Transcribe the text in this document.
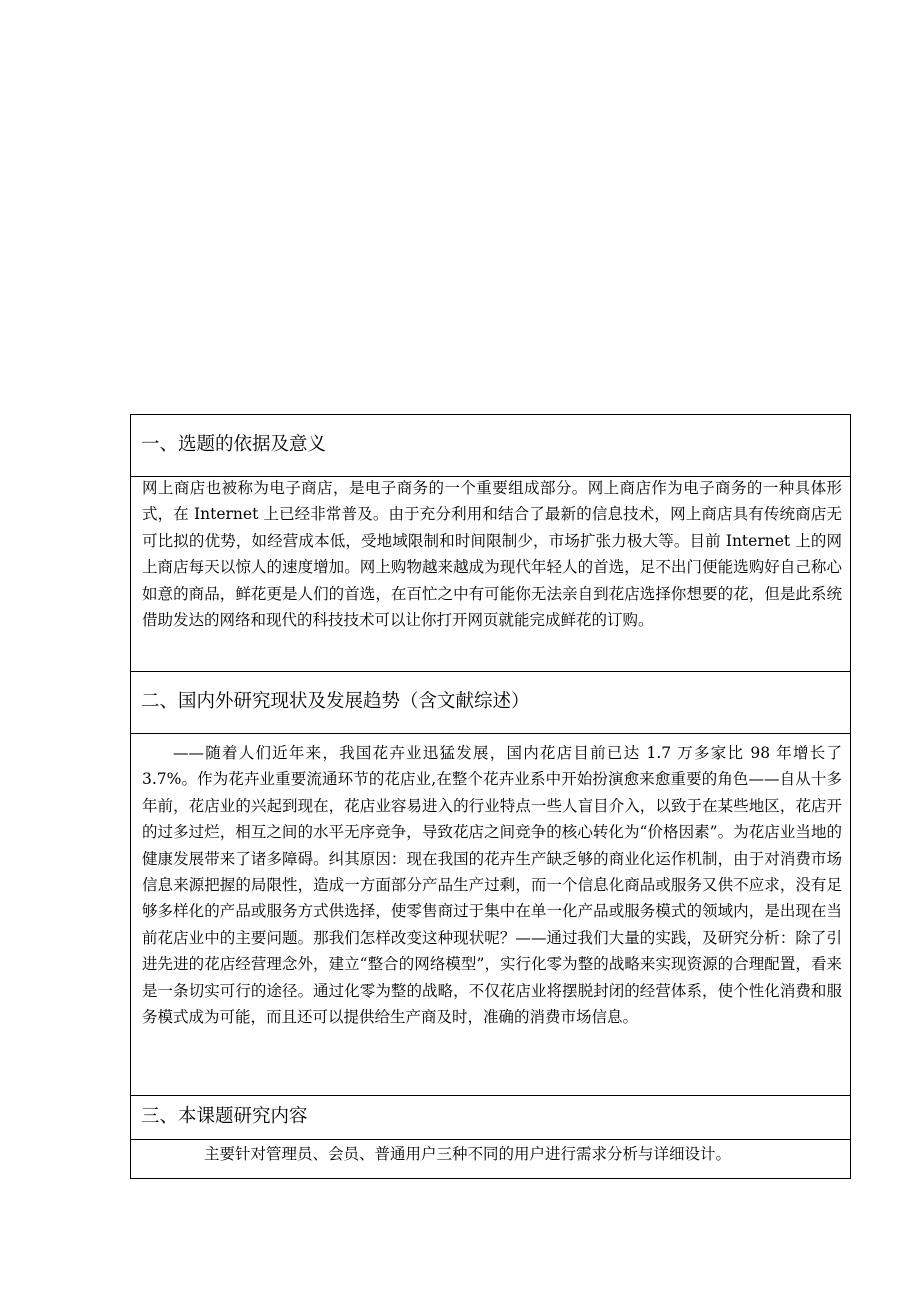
一、选题的依据及意义

网上商店也被称为电子商店，是电子商务的一个重要组成部分。网上商店作为电子商务的一种具体形式，在 Internet 上已经非常普及。由于充分利用和结合了最新的信息技术，网上商店具有传统商店无可比拟的优势，如经营成本低，受地域限制和时间限制少，市场扩张力极大等。目前 Internet 上的网上商店每天以惊人的速度增加。网上购物越来越成为现代年轻人的首选，足不出门便能选购好自己称心如意的商品，鲜花更是人们的首选，在百忙之中有可能你无法亲自到花店选择你想要的花，但是此系统借助发达的网络和现代的科技技术可以让你打开网页就能完成鲜花的订购。

二、国内外研究现状及发展趋势（含文献综述）

——随着人们近年来，我国花卉业迅猛发展，国内花店目前已达 1.7 万多家比 98 年增长了 3.7%。作为花卉业重要流通环节的花店业,在整个花卉业系中开始扮演愈来愈重要的角色——自从十多年前，花店业的兴起到现在，花店业容易进入的行业特点一些人盲目介入，以致于在某些地区，花店开的过多过烂，相互之间的水平无序竞争，导致花店之间竞争的核心转化为“价格因素”。为花店业当地的健康发展带来了诸多障碍。纠其原因：现在我国的花卉生产缺乏够的商业化运作机制，由于对消费市场信息来源把握的局限性，造成一方面部分产品生产过剩，而一个信息化商品或服务又供不应求，没有足够多样化的产品或服务方式供选择，使零售商过于集中在单一化产品或服务模式的领域内，是出现在当前花店业中的主要问题。那我们怎样改变这种现状呢？——通过我们大量的实践，及研究分析：除了引进先进的花店经营理念外，建立“整合的网络模型”，实行化零为整的战略来实现资源的合理配置，看来是一条切实可行的途径。通过化零为整的战略，不仅花店业将摆脱封闭的经营体系，使个性化消费和服务模式成为可能，而且还可以提供给生产商及时，准确的消费市场信息。

三、本课题研究内容

主要针对管理员、会员、普通用户三种不同的用户进行需求分析与详细设计。
